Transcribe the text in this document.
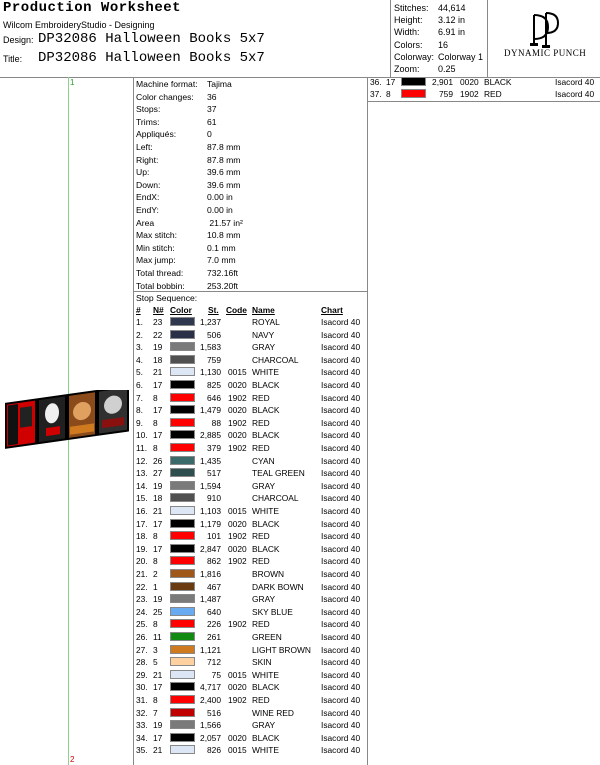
Production Worksheet
Wilcom EmbroideryStudio - Designing
Design: DP32086 Halloween Books 5x7
Title: DP32086 Halloween Books 5x7
Stitches: 44,614
Height: 3.12 in
Width: 6.91 in
Colors: 16
Colorway: Colorway 1
Zoom: 0.25
DYNAMIC PUNCH
1
2
Machine format: Tajima
Color changes: 36
Stops:	37
Trims:	61
Appliqués:	0
Left:	87.8 mm
Right:	87.8 mm
Up:	39.6 mm
Down:	39.6 mm
EndX:	0.00 in
EndY:	0.00 in
Area	21.57 in²
Max stitch:	10.8 mm
Min stitch:	0.1 mm
Max jump:	7.0 mm
Total thread:	732.16ft
Total bobbin:	253.20ft
Stop Sequence:
# N# Color St. Code Name	Chart
1. 23	1,237	ROYAL	Isacord 40
2. 22	506	NAVY	Isacord 40
3. 19	1,583	GRAY	Isacord 40
4. 18	759	CHARCOAL	Isacord 40
5. 21	1,130 0015 WHITE	Isacord 40
6. 17	825 0020 BLACK	Isacord 40
7. 8	646 1902 RED	Isacord 40
8. 17	1,479 0020 BLACK	Isacord 40
9. 8	88 1902 RED	Isacord 40
10. 17	2,885 0020 BLACK	Isacord 40
11. 8	379 1902 RED	Isacord 40
12. 26	1,435	CYAN	Isacord 40
13. 27	517	TEAL GREEN Isacord 40
14. 19	1,594	GRAY	Isacord 40
15. 18	910	CHARCOAL	Isacord 40
16. 21	1,103 0015 WHITE	Isacord 40
17. 17	1,179 0020 BLACK	Isacord 40
18. 8	101 1902 RED	Isacord 40
19. 17	2,847 0020 BLACK	Isacord 40
20. 8	862 1902 RED	Isacord 40
21. 2	1,816	BROWN	Isacord 40
22. 1	467	DARK BOWN Isacord 40
23. 19	1,487	GRAY	Isacord 40
24. 25	640	SKY BLUE	Isacord 40
25. 8	226 1902 RED	Isacord 40
26. 11	261	GREEN	Isacord 40
27. 3	1,121	LIGHT BROWN Isacord 40
28. 5	712	SKIN	Isacord 40
29. 21	75 0015 WHITE	Isacord 40
30. 17	4,717 0020 BLACK	Isacord 40
31. 8	2,400 1902 RED	Isacord 40
32. 7	516	WINE RED	Isacord 40
33. 19	1,566	GRAY	Isacord 40
34. 17	2,057 0020 BLACK	Isacord 40
35. 21	826 0015 WHITE	Isacord 40
36. 17	2,901 0020 BLACK	Isacord 40
37. 8	759 1902 RED	Isacord 40
